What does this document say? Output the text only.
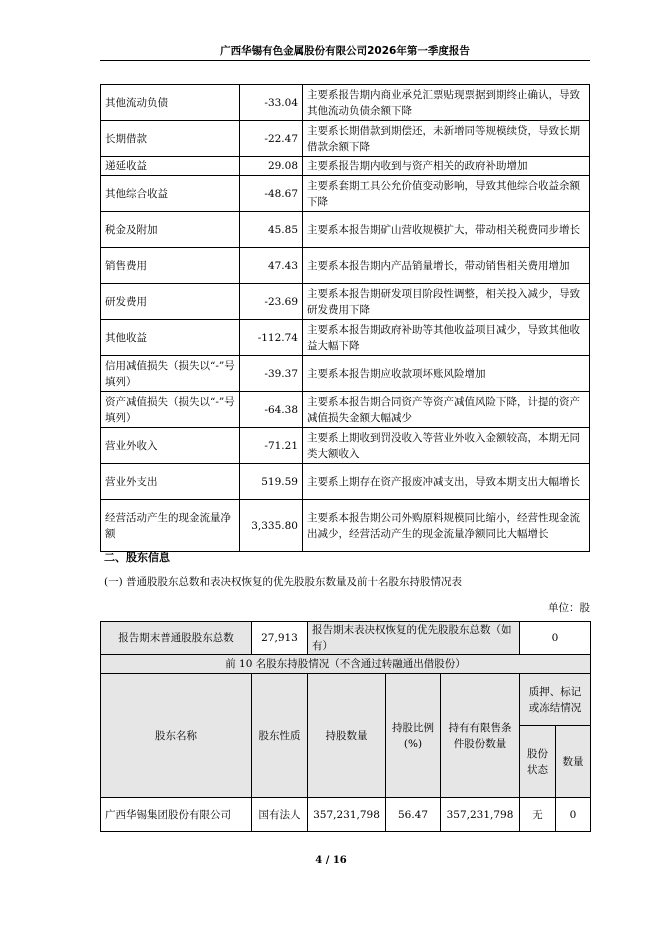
广西华锡有色金属股份有限公司2026年第一季度报告
其他流动负债	-33.04	主要系报告期内商业承兑汇票贴现票据到期终止确认，导致其他流动负债余额下降
长期借款	-22.47	主要系长期借款到期偿还，未新增同等规模续贷，导致长期借款余额下降
递延收益	29.08	主要系报告期内收到与资产相关的政府补助增加
其他综合收益	-48.67	主要系套期工具公允价值变动影响，导致其他综合收益余额下降
税金及附加	45.85	主要系本报告期矿山营收规模扩大，带动相关税费同步增长
销售费用	47.43	主要系本报告期内产品销量增长，带动销售相关费用增加
研发费用	-23.69	主要系本报告期研发项目阶段性调整，相关投入减少，导致研发费用下降
其他收益	-112.74	主要系本报告期政府补助等其他收益项目减少，导致其他收益大幅下降
信用减值损失（损失以“-”号填列）	-39.37	主要系本报告期应收款项坏账风险增加
资产减值损失（损失以“-”号填列）	-64.38	主要系本报告期合同资产等资产减值风险下降，计提的资产减值损失金额大幅减少
营业外收入	-71.21	主要系上期收到罚没收入等营业外收入金额较高，本期无同类大额收入
营业外支出	519.59	主要系上期存在资产报废冲减支出，导致本期支出大幅增长
经营活动产生的现金流量净额	3,335.80	主要系本报告期公司外购原料规模同比缩小，经营性现金流出减少，经营活动产生的现金流量净额同比大幅增长
二、股东信息
(一) 普通股股东总数和表决权恢复的优先股股东数量及前十名股东持股情况表
单位：股
报告期末普通股股东总数	27,913	报告期末表决权恢复的优先股股东总数（如有）			0	
前 10 名股东持股情况（不含通过转融通出借股份）						
股东名称	股东性质	持股数量	持股比例(%)	持有有限售条件股份数量	质押、标记或冻结情况	
					股份状态	数量
广西华锡集团股份有限公司	国有法人	357,231,798	56.47	357,231,798	无	0
4 / 16
